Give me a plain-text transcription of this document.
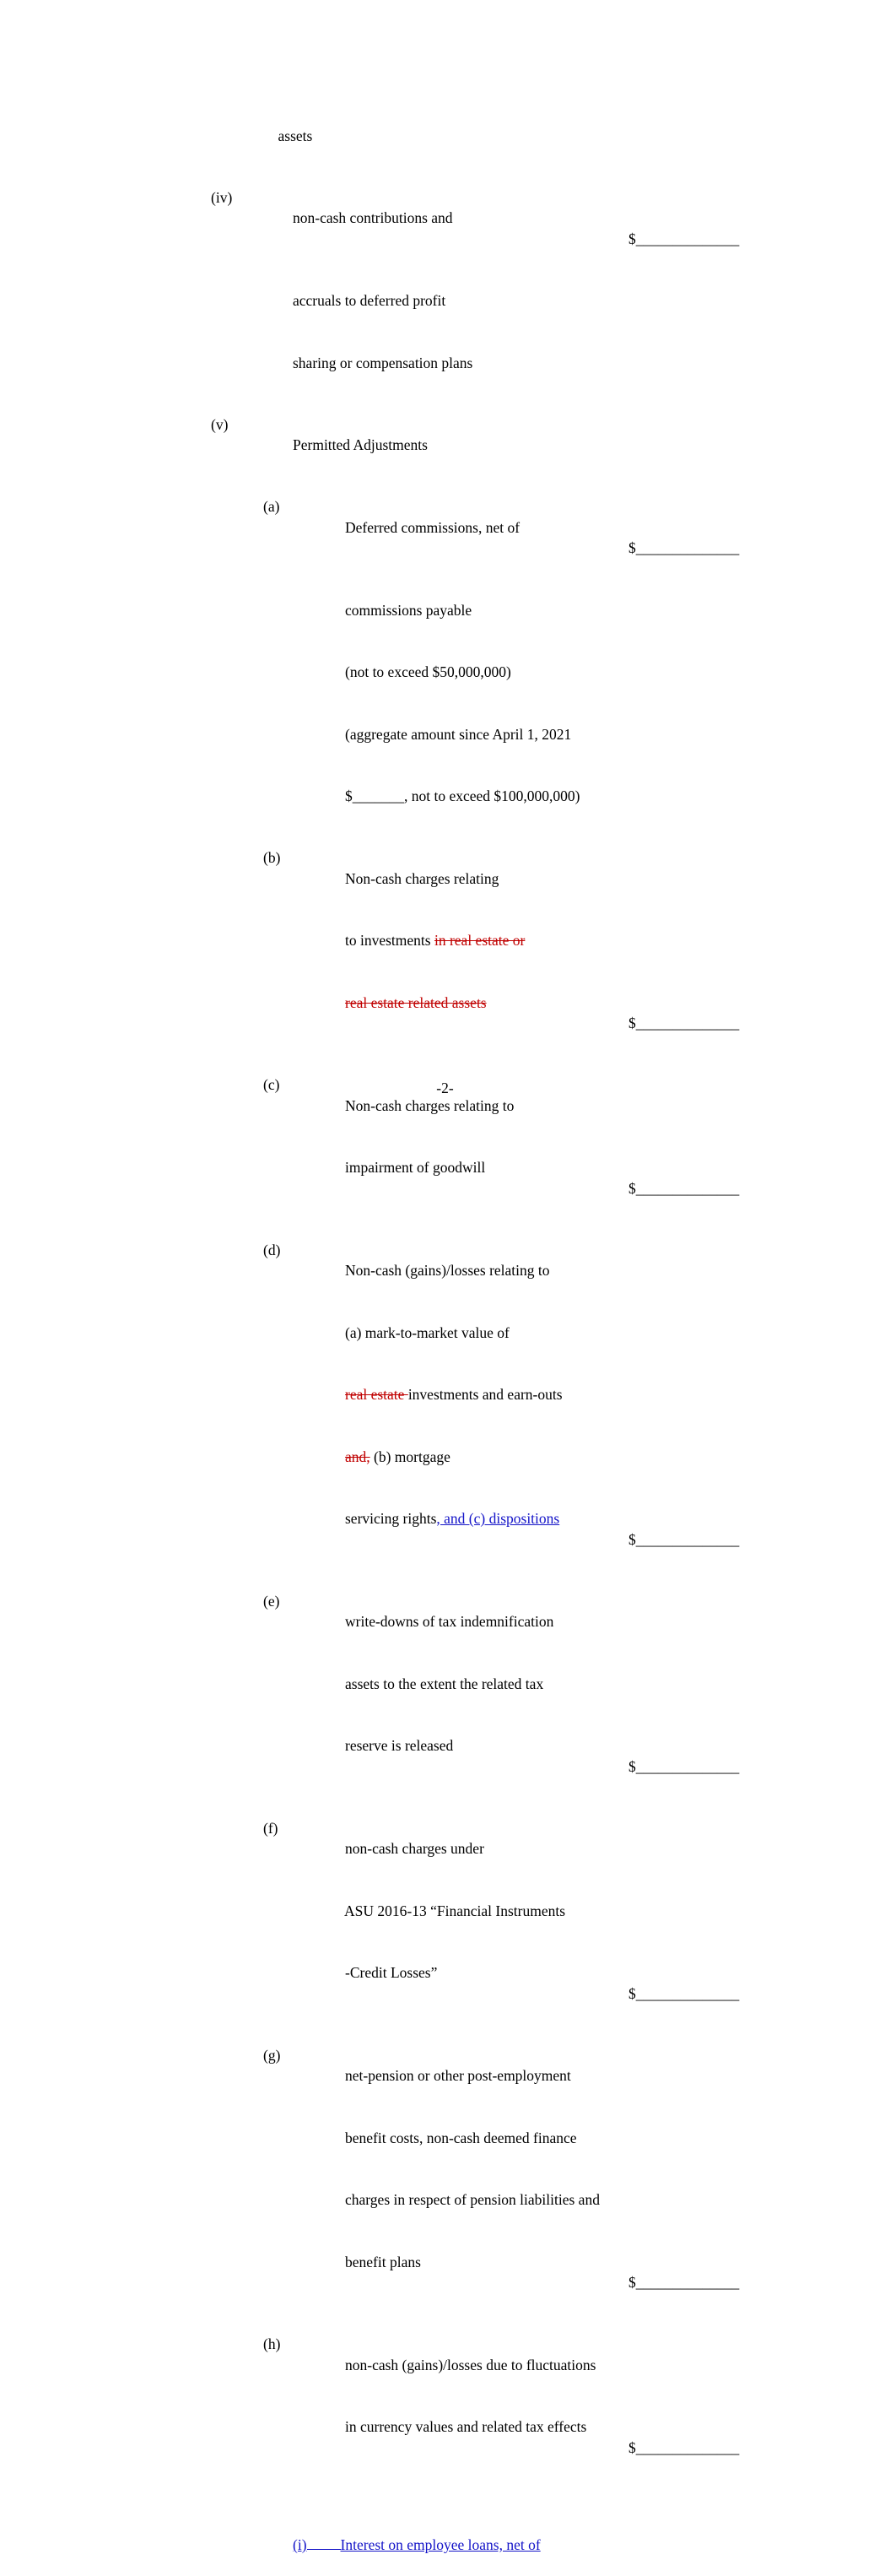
assets

(iv)

non-cash contributions and

$______________

accruals to deferred profit

sharing or compensation plans

(v)

Permitted Adjustments

(a)

Deferred commissions, net of

$______________

commissions payable

(not to exceed $50,000,000)

(aggregate amount since April 1, 2021

$_______, not to exceed $100,000,000)

(b)

Non-cash charges relating

to investments in real estate or

real estate related assets

$______________

(c)

Non-cash charges relating to

impairment of goodwill

$______________

(d)

Non-cash (gains)/losses relating to

(a) mark-to-market value of

real estate investments and earn-outs

and, (b) mortgage

servicing rights, and (c) dispositions

$______________

(e)

write-downs of tax indemnification

assets to the extent the related tax

reserve is released

$______________

(f)

non-cash charges under

ASU 2016-13 “Financial Instruments

-Credit Losses”

$______________

(g)

net-pension or other post-employment

benefit costs, non-cash deemed finance

charges in respect of pension liabilities and

benefit plans

$______________

(h)

non-cash (gains)/losses due to fluctuations

in currency values and related tax effects

$______________

(i) Interest on employee loans, net of

-2-
